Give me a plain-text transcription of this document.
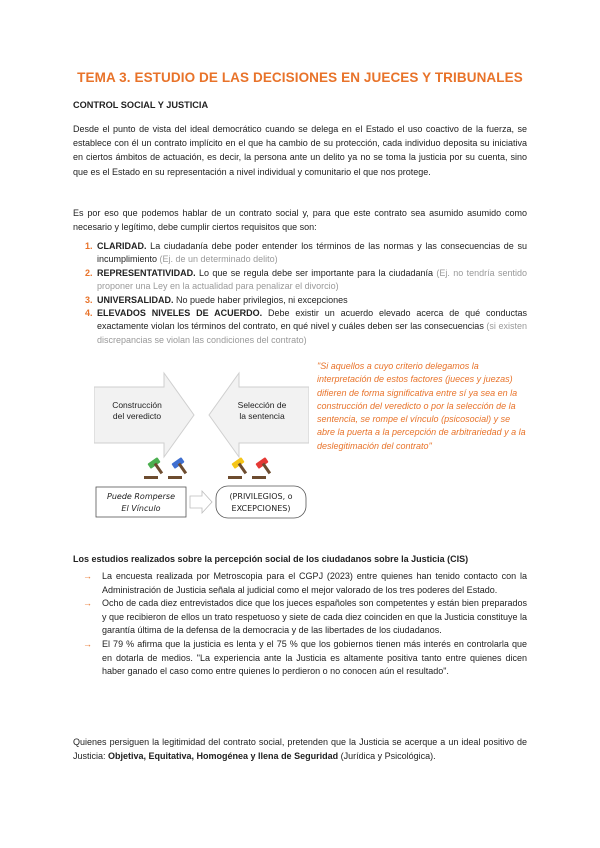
TEMA 3. ESTUDIO DE LAS DECISIONES EN JUECES Y TRIBUNALES
CONTROL SOCIAL Y JUSTICIA
Desde el punto de vista del ideal democrático cuando se delega en el Estado el uso coactivo de la fuerza, se establece con él un contrato implícito en el que ha cambio de su protección, cada individuo deposita su iniciativa en ciertos ámbitos de actuación, es decir, la persona ante un delito ya no se toma la justicia por su cuenta, sino que es el Estado en su representación a nivel individual y comunitario el que nos protege.
Es por eso que podemos hablar de un contrato social y, para que este contrato sea asumido asumido como necesario y legítimo, debe cumplir ciertos requisitos que son:
1. CLARIDAD. La ciudadanía debe poder entender los términos de las normas y las consecuencias de su incumplimiento (Ej. de un determinado delito)
2. REPRESENTATIVIDAD. Lo que se regula debe ser importante para la ciudadanía (Ej. no tendría sentido proponer una Ley en la actualidad para penalizar el divorcio)
3. UNIVERSALIDAD. No puede haber privilegios, ni excepciones
4. ELEVADOS NIVELES DE ACUERDO. Debe existir un acuerdo elevado acerca de qué conductas exactamente violan los términos del contrato, en qué nivel y cuáles deben ser las consecuencias (si existen discrepancias se violan las condiciones del contrato)
Construcción
del veredicto
Selección de
la sentencia
Puede Romperse
El Vínculo
(PRIVILEGIOS, o
EXCEPCIONES)
"Si aquellos a cuyo criterio delegamos la interpretación de estos factores (jueces y juezas) difieren de forma significativa entre sí ya sea en la construcción del veredicto o por la selección de la sentencia, se rompe el vínculo (psicosocial) y se abre la puerta a la percepción de arbitrariedad y a la deslegitimación del contrato"
Los estudios realizados sobre la percepción social de los ciudadanos sobre la Justicia (CIS)
→ La encuesta realizada por Metroscopia para el CGPJ (2023) entre quienes han tenido contacto con la Administración de Justicia señala al judicial como el mejor valorado de los tres poderes del Estado.
→ Ocho de cada diez entrevistados dice que los jueces españoles son competentes y están bien preparados y que recibieron de ellos un trato respetuoso y siete de cada diez coinciden en que la Justicia constituye la garantía última de la defensa de la democracia y de las libertades de los ciudadanos.
→ El 79 % afirma que la justicia es lenta y el 75 % que los gobiernos tienen más interés en controlarla que en dotarla de medios. "La experiencia ante la Justicia es altamente positiva tanto entre quienes dicen haber ganado el caso como entre quienes lo perdieron o no conocen aún el resultado".
Quienes persiguen la legitimidad del contrato social, pretenden que la Justicia se acerque a un ideal positivo de Justicia: Objetiva, Equitativa, Homogénea y llena de Seguridad (Jurídica y Psicológica).
